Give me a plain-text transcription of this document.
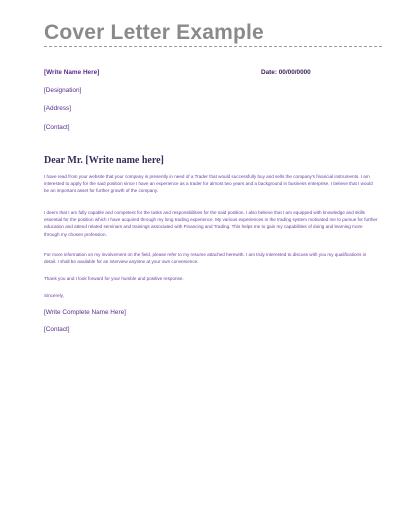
Cover Letter Example
[Write Name Here]	Date: 00/00/0000
[Designation]
[Address]
[Contact]
Dear Mr. [Write name here]
I have read from your website that your company is presently in need of a Trader that would successfully buy and sells the company's financial instruments. I am interested to apply for the said position since I have an experience as a trader for almost two years and a background in business enterprise. I believe that I would be an important asset for further growth of the company.
I deem that I am fully capable and competent for the tasks and responsibilities for the said position. I also believe that I am equipped with knowledge and skills essential for the position which I have acquired through my long trading experience. My various experiences in the trading system motivated me to pursue for further education and attend related seminars and trainings associated with Financing and Trading. This helps me to gain my capabilities of doing and learning more through my chosen profession.
For more information on my involvement on the field, please refer to my resume attached herewith. I am truly interested to discuss with you my qualifications in detail. I shall be available for an interview anytime at your own convenience.
Thank you and I look forward for your humble and positive response.
Sincerely,
[Write Complete Name Here]
[Contact]
